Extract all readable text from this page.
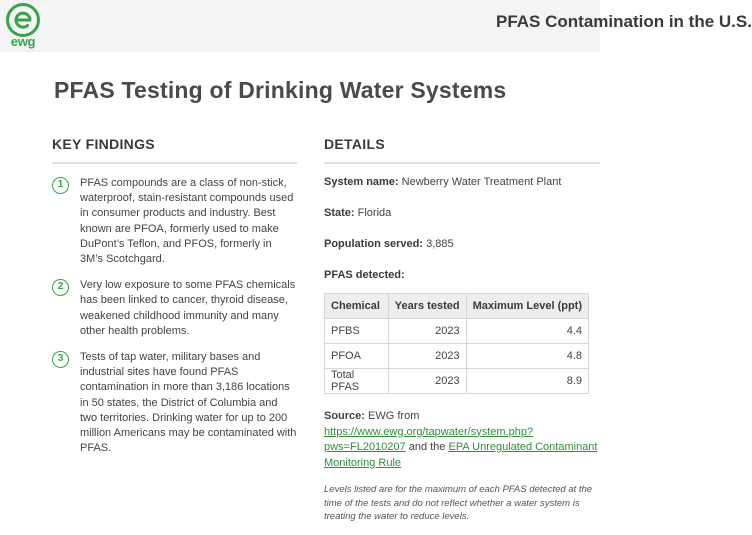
ewg
PFAS Contamination in the U.S.
PFAS Testing of Drinking Water Systems
KEY FINDINGS
1	PFAS compounds are a class of non-stick, waterproof, stain-resistant compounds used in consumer products and industry. Best known are PFOA, formerly used to make DuPont’s Teflon, and PFOS, formerly in 3M’s Scotchgard.
2	Very low exposure to some PFAS chemicals has been linked to cancer, thyroid disease, weakened childhood immunity and many other health problems.
3	Tests of tap water, military bases and industrial sites have found PFAS contamination in more than 3,186 locations in 50 states, the District of Columbia and two territories. Drinking water for up to 200 million Americans may be contaminated with PFAS.
DETAILS
System name: Newberry Water Treatment Plant
State: Florida
Population served: 3,885
PFAS detected:
Chemical	Years tested	Maximum Level (ppt)
PFBS	2023	4.4
PFOA	2023	4.8
Total PFAS	2023	8.9
Source: EWG from https://www.ewg.org/tapwater/system.php?pws=FL2010207 and the EPA Unregulated Contaminant Monitoring Rule
Levels listed are for the maximum of each PFAS detected at the time of the tests and do not reflect whether a water system is treating the water to reduce levels.
